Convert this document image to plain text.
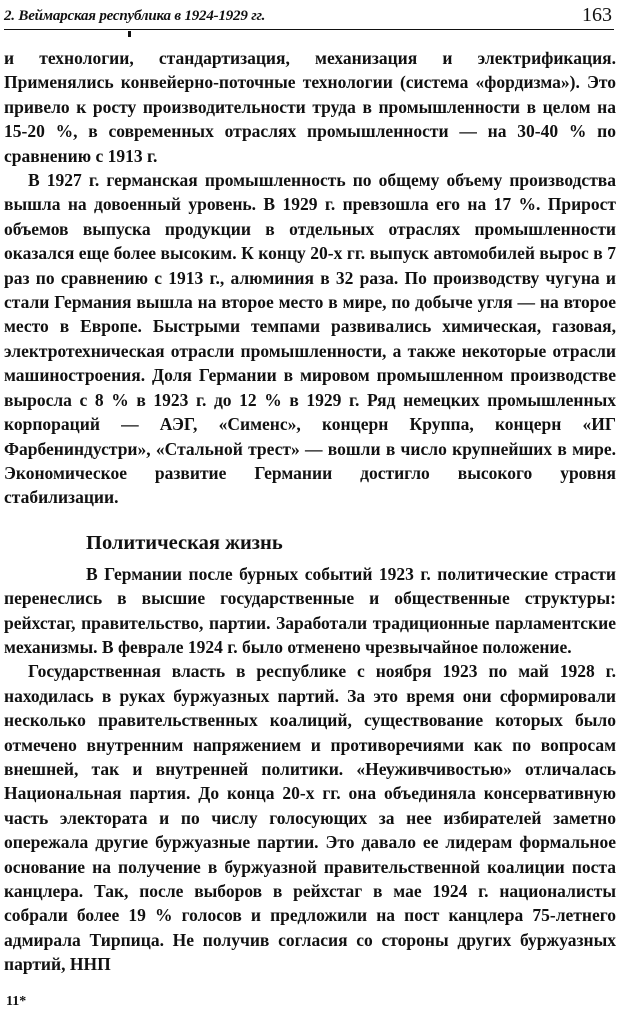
2. Веймарская республика в 1924-1929 гг.	163

и технологии, стандартизация, механизация и электрификация. Применялись конвейерно-поточные технологии (система «фордизма»). Это привело к росту производительности труда в промышленности в целом на 15-20 %, в современных отраслях промышленности — на 30-40 % по сравнению с 1913 г.

В 1927 г. германская промышленность по общему объему производства вышла на довоенный уровень. В 1929 г. превзошла его на 17 %. Прирост объемов выпуска продукции в отдельных отраслях промышленности оказался еще более высоким. К концу 20-х гг. выпуск автомобилей вырос в 7 раз по сравнению с 1913 г., алюминия в 32 раза. По производству чугуна и стали Германия вышла на второе место в мире, по добыче угля — на второе место в Европе. Быстрыми темпами развивались химическая, газовая, электротехническая отрасли промышленности, а также некоторые отрасли машиностроения. Доля Германии в мировом промышленном производстве выросла с 8 % в 1923 г. до 12 % в 1929 г. Ряд немецких промышленных корпораций — АЭГ, «Сименс», концерн Круппа, концерн «ИГ Фарбениндустри», «Стальной трест» — вошли в число крупнейших в мире. Экономическое развитие Германии достигло высокого уровня стабилизации.

Политическая жизнь

В Германии после бурных событий 1923 г. политические страсти перенеслись в высшие государственные и общественные структуры: рейхстаг, правительство, партии. Заработали традиционные парламентские механизмы. В феврале 1924 г. было отменено чрезвычайное положение.

Государственная власть в республике с ноября 1923 по май 1928 г. находилась в руках буржуазных партий. За это время они сформировали несколько правительственных коалиций, существование которых было отмечено внутренним напряжением и противоречиями как по вопросам внешней, так и внутренней политики. «Неуживчивостью» отличалась Национальная партия. До конца 20-х гг. она объединяла консервативную часть электората и по числу голосующих за нее избирателей заметно опережала другие буржуазные партии. Это давало ее лидерам формальное основание на получение в буржуазной правительственной коалиции поста канцлера. Так, после выборов в рейхстаг в мае 1924 г. националисты собрали более 19 % голосов и предложили на пост канцлера 75-летнего адмирала Тирпица. Не получив согласия со стороны других буржуазных партий, ННП

11*
